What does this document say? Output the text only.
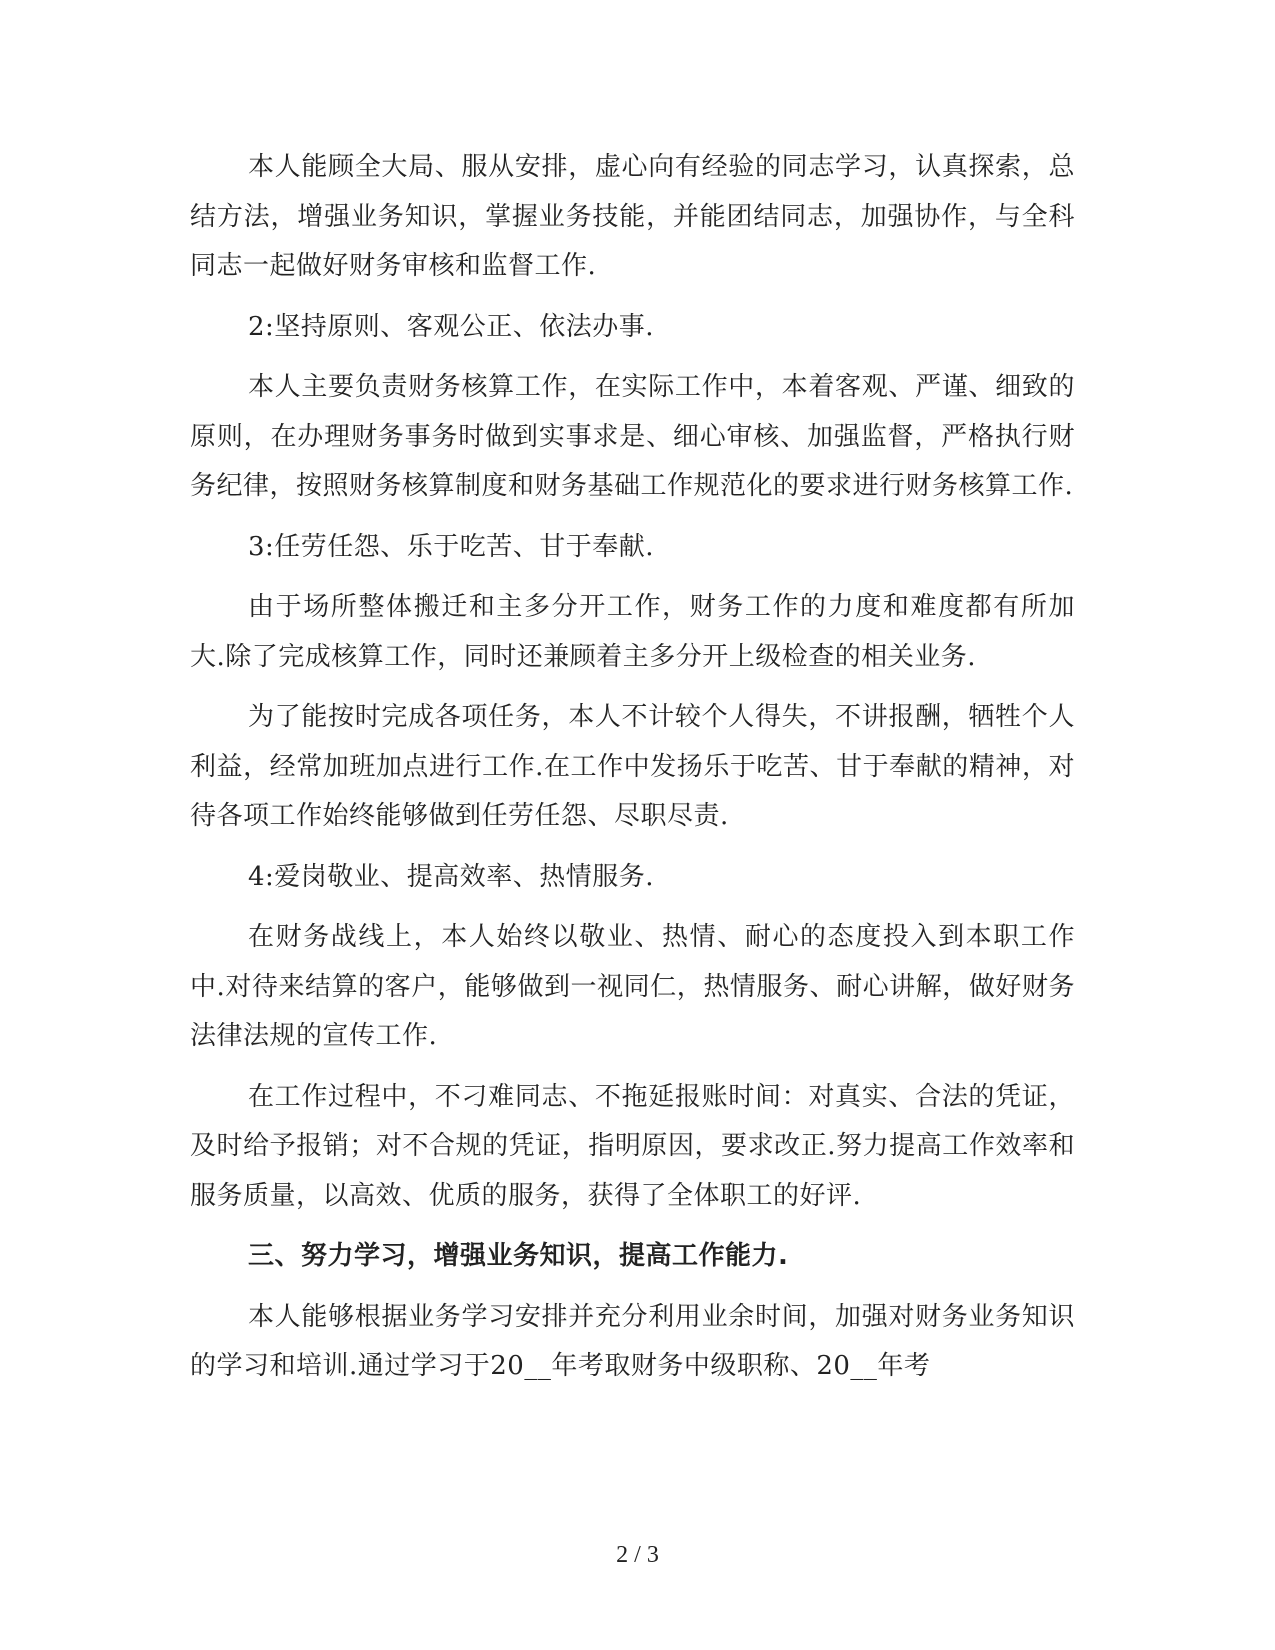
本人能顾全大局、服从安排，虚心向有经验的同志学习，认真探索，总结方法，增强业务知识，掌握业务技能，并能团结同志，加强协作，与全科同志一起做好财务审核和监督工作.

2:坚持原则、客观公正、依法办事.

本人主要负责财务核算工作，在实际工作中，本着客观、严谨、细致的原则，在办理财务事务时做到实事求是、细心审核、加强监督，严格执行财务纪律，按照财务核算制度和财务基础工作规范化的要求进行财务核算工作.

3:任劳任怨、乐于吃苦、甘于奉献.

由于场所整体搬迁和主多分开工作，财务工作的力度和难度都有所加大.除了完成核算工作，同时还兼顾着主多分开上级检查的相关业务.

为了能按时完成各项任务，本人不计较个人得失，不讲报酬，牺牲个人利益，经常加班加点进行工作.在工作中发扬乐于吃苦、甘于奉献的精神，对待各项工作始终能够做到任劳任怨、尽职尽责.

4:爱岗敬业、提高效率、热情服务.

在财务战线上，本人始终以敬业、热情、耐心的态度投入到本职工作中.对待来结算的客户，能够做到一视同仁，热情服务、耐心讲解，做好财务法律法规的宣传工作.

在工作过程中，不刁难同志、不拖延报账时间：对真实、合法的凭证，及时给予报销；对不合规的凭证，指明原因，要求改正.努力提高工作效率和服务质量，以高效、优质的服务，获得了全体职工的好评.

三、努力学习，增强业务知识，提高工作能力.

本人能够根据业务学习安排并充分利用业余时间，加强对财务业务知识的学习和培训.通过学习于20__年考取财务中级职称、20__年考

2 / 3
